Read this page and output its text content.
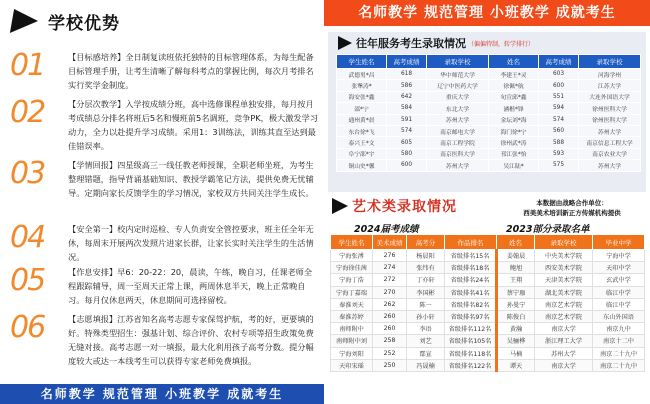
学校优势
01	【目标感培养】全日制复读班依托独特的目标管理体系，为每生配备目标管理手册，让考生清晰了解每科考点的掌握比例，每次月考排名实行奖学金制度。
02	【分层次教学】入学按成绩分班，高中选修课程单独安排，每月按月考成绩总分排名将班后5名和慢班前5名调班，竞争PK，极大激发学习动力，全力以赴提升学习成绩。采用1：3训练法，训练其直至达到最佳错误率。
03	【学情回报】四星级高三一线任教老师授课，全职老师坐班，为考生整理错题，指导背诵基础知识、教授学霸笔记方法，提供免费无忧辅导。定期向家长反馈学生的学习情况，家校双方共同关注学生成长。
04	【安全第一】校内定时巡检、专人负责安全管控要求，班主任全年无休，每周末开展两次发照片进家长群，让家长实时关注学生的生活情况。
05	【作息安排】早6：20-22：20，晨读，午练，晚自习，任课老师全程跟踪辅导，周一至周天正常上课，两周休息半天，晚上正常晚自习。每月仅休息两天，休息期间可选择留校。
06	【志愿填报】江苏省知名高考志愿专家保驾护航，考的好，更要填的好。特殊类型招生：强基计划、综合评价、农村专项等招生政策免费无缝对接。高考志愿一对一填报，最大化利用孩子高考分数。提分幅度较大或达一本线考生可以获得专家老师免费填报。
名师教学 规范管理 小班教学 成就考生
名师教学 规范管理 小班教学 成就考生
往年服务考生录取情况 （偏偏特制，转学排行）
学生姓名	高考成绩	录取学校	姓名	高考成绩	录取学校
武德男*昌	618	华中师范大学	李建王*灵	603	河海学州
张犟涛*	586	辽宁中医药大学	徐佩*航	600	江苏大学
海安张*鑫	642	重庆大学	旬宣邱*鑫	551	大连外国语大学
邵*宁	584	东北大学	涵楷*锋	594	徐州医科大学
通州黄*晨	591	苏州大学	金坛刘*海	574	徐州医科大学
东台徐*飞	574	南京邮电大学	海门徐*宁	560	苏州大学
泰兴王*文	605	南京工程学院	徐州武*涛	588	南京信息工程大学
阜宁邵*宇	580	南京医科大学	邗江张*怡	593	南京农业大学
铜山史*馨	600	苏州大学	吴江陆*	575	苏州大学
艺术类录取情况	本数据由战略合作单位：
西美美术培训新正方传媒机构提供
2024届考成绩	2023部分录取名单
学生姓名	美术成绩	高考分	作品排名	姓名	录取学校	毕业中学
宁海张溥	276	杨晨阳	省级排名15名	姜翰晨	中央美术学院	宁海中学
宁海徐佳茜	274	张纬有	省级排名18名	鲍旭	西安美术学院	天印中学
宁海丁浩	272	丁亦轩	省级排名24名	王翔	天津美术学院	玄武中学
宁海丁嘉瑞	270	李国彬	省级排名41名	蔡宁珈	湖北美术学院	临江中学
秦淮刘天	262	陈一	省级排名82名	孙曼宁	南京艺术学院	临江中学
秦淮苏婷	260	孙小轩	省级排名97名	陈俊白	南京艺术学院	东山外国语
南师附中	260	李语	省级排名112名	黄瀚	南京大学	南京九中
南师附中刘	258	刘艺	省级排名105名	吴骊桦	浙江理工大学	南京十二中
宁海刘阳	252	鄢宣	省级排名118名	马楠	苏州大学	南京二十九中
天印宋瑶	250	冯晟楠	省级排名122名	谭天	南京大学	南京二十九中
